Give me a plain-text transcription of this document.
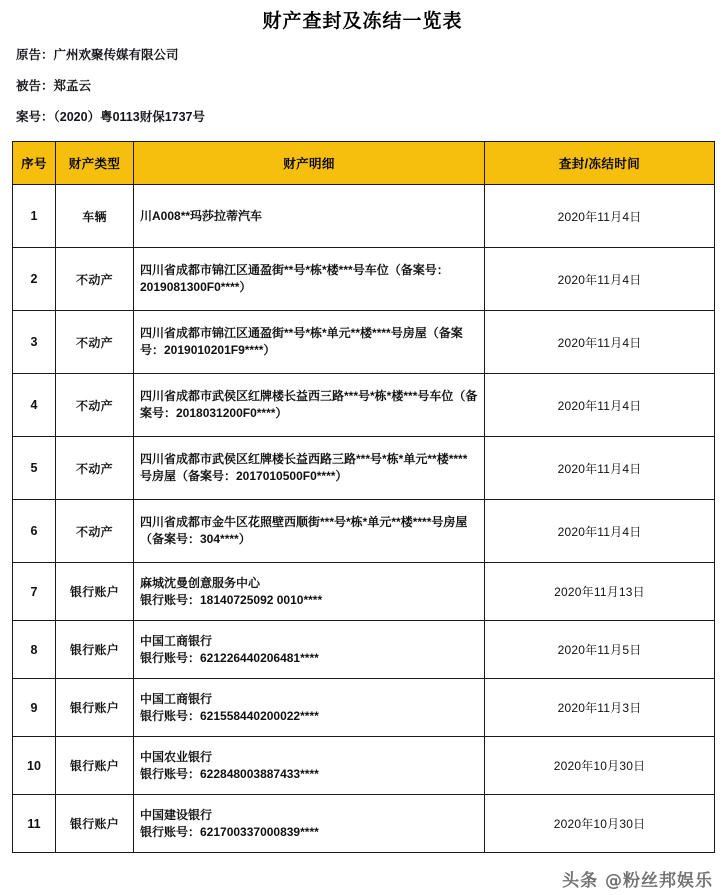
财产查封及冻结一览表
原告：广州欢聚传媒有限公司
被告：郑孟云
案号：（2020）粤0113财保1737号
序号	财产类型	财产明细	查封/冻结时间
1	车辆	川A008**玛莎拉蒂汽车	2020年11月4日
2	不动产	四川省成都市锦江区通盈街**号*栋*楼***号车位（备案号：2019081300F0****）	2020年11月4日
3	不动产	四川省成都市锦江区通盈街**号*栋*单元**楼****号房屋（备案号：2019010201F9****）	2020年11月4日
4	不动产	四川省成都市武侯区红牌楼长益西三路***号*栋*楼***号车位（备案号：2018031200F0****）	2020年11月4日
5	不动产	四川省成都市武侯区红牌楼长益西路三路***号*栋*单元**楼****号房屋（备案号：2017010500F0****）	2020年11月4日
6	不动产	四川省成都市金牛区花照壁西顺街***号*栋*单元**楼****号房屋（备案号：304****）	2020年11月4日
7	银行账户	麻城沈曼创意服务中心
银行账号：18140725092 0010****	2020年11月13日
8	银行账户	中国工商银行
银行账号：621226440206481****	2020年11月5日
9	银行账户	中国工商银行
银行账号：621558440200022****	2020年11月3日
10	银行账户	中国农业银行
银行账号：622848003887433****	2020年10月30日
11	银行账户	中国建设银行
银行账号：621700337000839****	2020年10月30日
头条 @粉丝邦娱乐
